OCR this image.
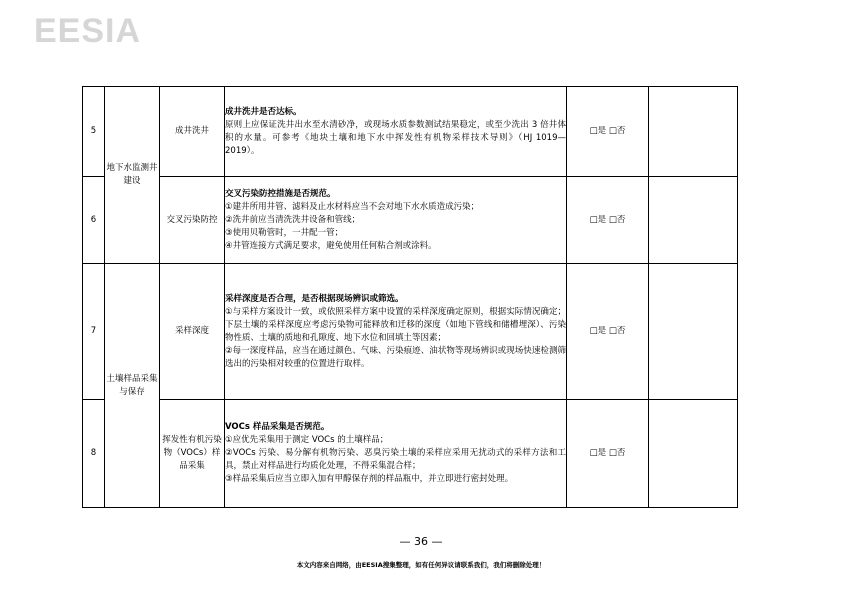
EESIA
5	地下水监测井建设	成井洗井	成井洗井是否达标。
原则上应保证洗井出水至水清砂净，或现场水质参数测试结果稳定，或至少洗出 3 倍井体积的水量。可参考《地块土壤和地下水中挥发性有机物采样技术导则》（HJ 1019—2019）。	□是 □否	
6		交叉污染防控	交叉污染防控措施是否规范。
①建井所用井管、滤料及止水材料应当不会对地下水水质造成污染；
②洗井前应当清洗洗井设备和管线；
③使用贝勒管时，一井配一管；
④井管连接方式满足要求，避免使用任何粘合剂或涂料。	□是 □否	
7	土壤样品采集与保存	采样深度	采样深度是否合理，是否根据现场辨识或筛选。
①与采样方案设计一致，或依照采样方案中设置的采样深度确定原则，根据实际情况确定；下层土壤的采样深度应考虑污染物可能释放和迁移的深度（如地下管线和储槽埋深）、污染物性质、土壤的质地和孔隙度、地下水位和回填土等因素；
②每一深度样品，应当在通过颜色、气味、污染痕迹、油状物等现场辨识或现场快速检测筛选出的污染相对较重的位置进行取样。	□是 □否	
8		挥发性有机污染物（VOCs）样品采集	VOCs 样品采集是否规范。
①应优先采集用于测定 VOCs 的土壤样品；
②VOCs 污染、易分解有机物污染、恶臭污染土壤的采样应采用无扰动式的采样方法和工具，禁止对样品进行均质化处理，不得采集混合样；
③样品采集后应当立即入加有甲醇保存剂的样品瓶中，并立即进行密封处理。	□是 □否	
— 36 —
本文内容来自网络，由EESIA搜集整理，如有任何异议请联系我们，我们将删除处理！
